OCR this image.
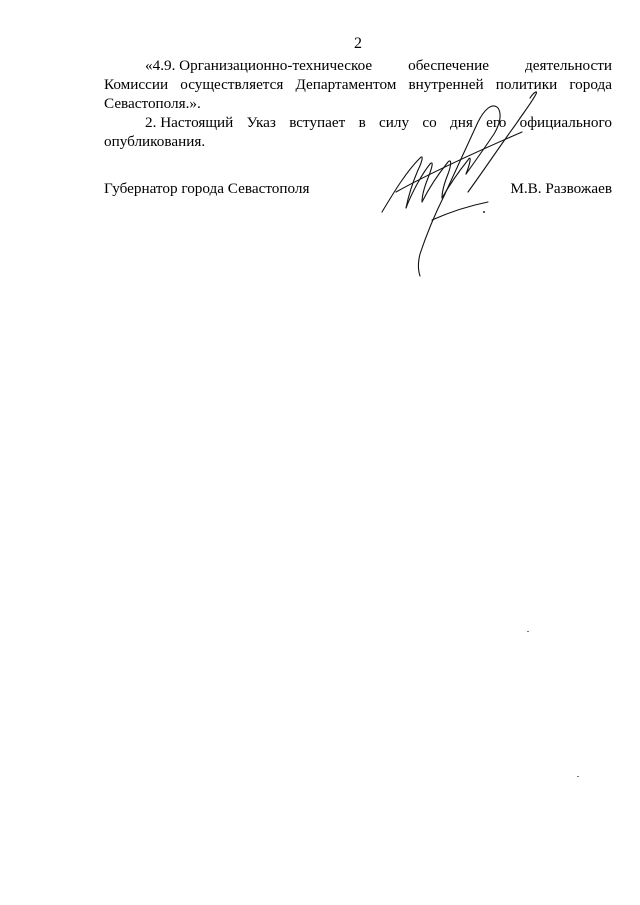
2
«4.9. Организационно-техническое обеспечение деятельности
Комиссии осуществляется Департаментом внутренней политики города
Севастополя.».
2. Настоящий Указ вступает в силу со дня его официального
опубликования.
Губернатор города Севастополя	М.В. Развожаев
